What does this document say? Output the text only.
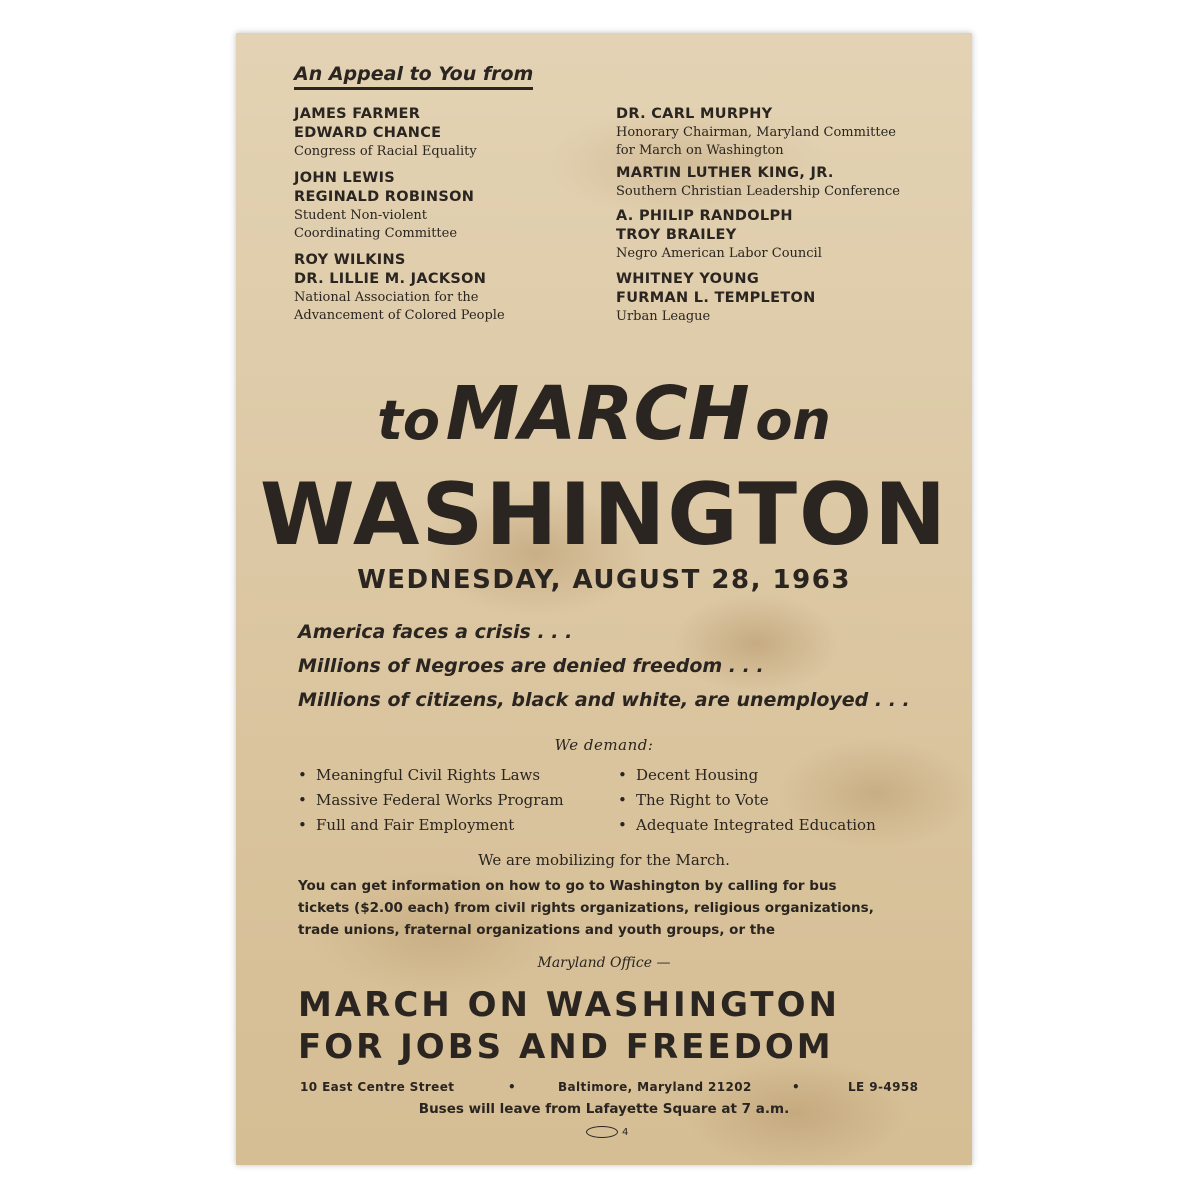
An Appeal to You from
JAMES FARMER
EDWARD CHANCE
Congress of Racial Equality
JOHN LEWIS
REGINALD ROBINSON
Student Non-violent
Coordinating Committee
ROY WILKINS
DR. LILLIE M. JACKSON
National Association for the
Advancement of Colored People
DR. CARL MURPHY
Honorary Chairman, Maryland Committee
for March on Washington
MARTIN LUTHER KING, JR.
Southern Christian Leadership Conference
A. PHILIP RANDOLPH
TROY BRAILEY
Negro American Labor Council
WHITNEY YOUNG
FURMAN L. TEMPLETON
Urban League
to MARCH on
WASHINGTON
WEDNESDAY, AUGUST 28, 1963
America faces a crisis . . .
Millions of Negroes are denied freedom . . .
Millions of citizens, black and white, are unemployed . . .
We demand:
• Meaningful Civil Rights Laws
• Massive Federal Works Program
• Full and Fair Employment
• Decent Housing
• The Right to Vote
• Adequate Integrated Education
We are mobilizing for the March.
You can get information on how to go to Washington by calling for bus
tickets ($2.00 each) from civil rights organizations, religious organizations,
trade unions, fraternal organizations and youth groups, or the
Maryland Office —
MARCH ON WASHINGTON
FOR JOBS AND FREEDOM
10 East Centre Street	•	Baltimore, Maryland 21202	•	LE 9-4958
Buses will leave from Lafayette Square at 7 a.m.
4
